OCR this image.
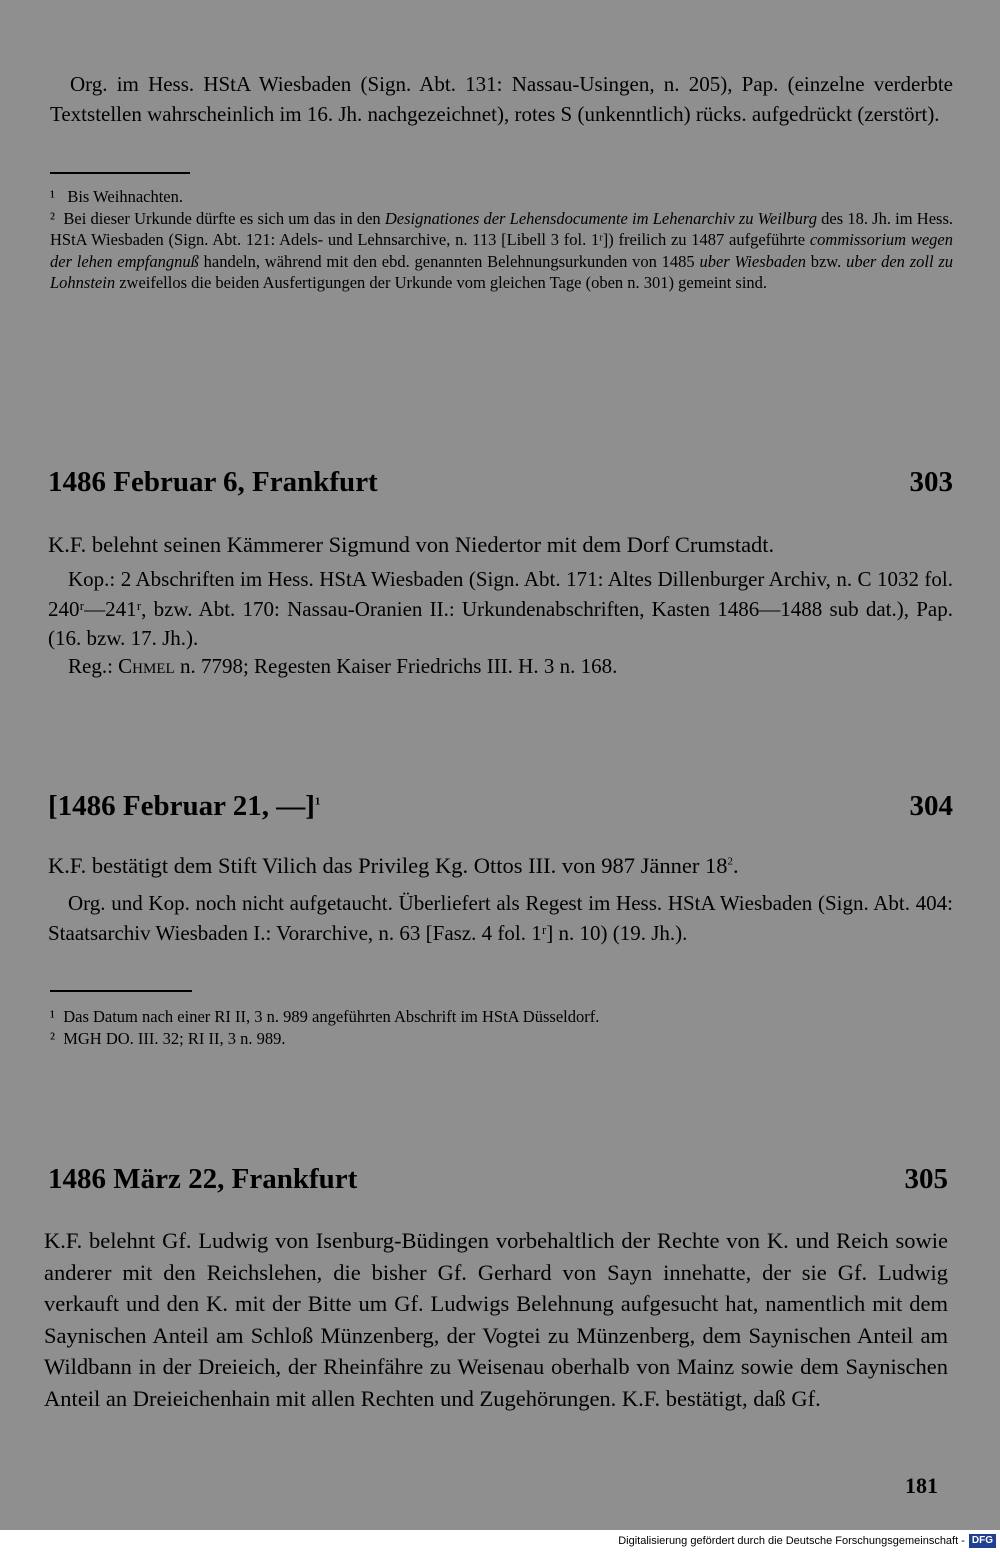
Org. im Hess. HStA Wiesbaden (Sign. Abt. 131: Nassau-Usingen, n. 205), Pap. (einzelne verderbte Textstellen wahrscheinlich im 16. Jh. nachgezeichnet), rotes S (unkenntlich) rücks. aufgedrückt (zerstört).

¹ Bis Weihnachten.

² Bei dieser Urkunde dürfte es sich um das in den Designationes der Lehensdocumente im Lehenarchiv zu Weilburg des 18. Jh. im Hess. HStA Wiesbaden (Sign. Abt. 121: Adels- und Lehnsarchive, n. 113 [Libell 3 fol. 1ʳ]) freilich zu 1487 aufgeführte commissorium wegen der lehen empfangnuß handeln, während mit den ebd. genannten Belehnungsurkunden von 1485 uber Wiesbaden bzw. uber den zoll zu Lohnstein zweifellos die beiden Ausfertigungen der Urkunde vom gleichen Tage (oben n. 301) gemeint sind.

1486 Februar 6, Frankfurt	303

K.F. belehnt seinen Kämmerer Sigmund von Niedertor mit dem Dorf Crumstadt.

Kop.: 2 Abschriften im Hess. HStA Wiesbaden (Sign. Abt. 171: Altes Dillenburger Archiv, n. C 1032 fol. 240ʳ—241ʳ, bzw. Abt. 170: Nassau-Oranien II.: Urkundenabschriften, Kasten 1486—1488 sub dat.), Pap. (16. bzw. 17. Jh.).

Reg.: Chmel n. 7798; Regesten Kaiser Friedrichs III. H. 3 n. 168.

[1486 Februar 21, —]$^1$	304

K.F. bestätigt dem Stift Vilich das Privileg Kg. Ottos III. von 987 Jänner $18^2$.

Org. und Kop. noch nicht aufgetaucht. Überliefert als Regest im Hess. HStA Wiesbaden (Sign. Abt. 404: Staatsarchiv Wiesbaden I.: Vorarchive, n. 63 [Fasz. 4 fol. 1ʳ] n. 10) (19. Jh.).

¹ Das Datum nach einer RI II, 3 n. 989 angeführten Abschrift im HStA Düsseldorf.

² MGH DO. III. 32; RI II, 3 n. 989.

1486 März 22, Frankfurt	305

K.F. belehnt Gf. Ludwig von Isenburg-Büdingen vorbehaltlich der Rechte von K. und Reich sowie anderer mit den Reichslehen, die bisher Gf. Gerhard von Sayn innehatte, der sie Gf. Ludwig verkauft und den K. mit der Bitte um Gf. Ludwigs Belehnung aufgesucht hat, namentlich mit dem Saynischen Anteil am Schloß Münzenberg, der Vogtei zu Münzenberg, dem Saynischen Anteil am Wildbann in der Dreieich, der Rheinfähre zu Weisenau oberhalb von Mainz sowie dem Saynischen Anteil an Dreieichenhain mit allen Rechten und Zugehörungen. K.F. bestätigt, daß Gf.

181
Digitalisierung gefördert durch die Deutsche Forschungsgemeinschaft - DFG
